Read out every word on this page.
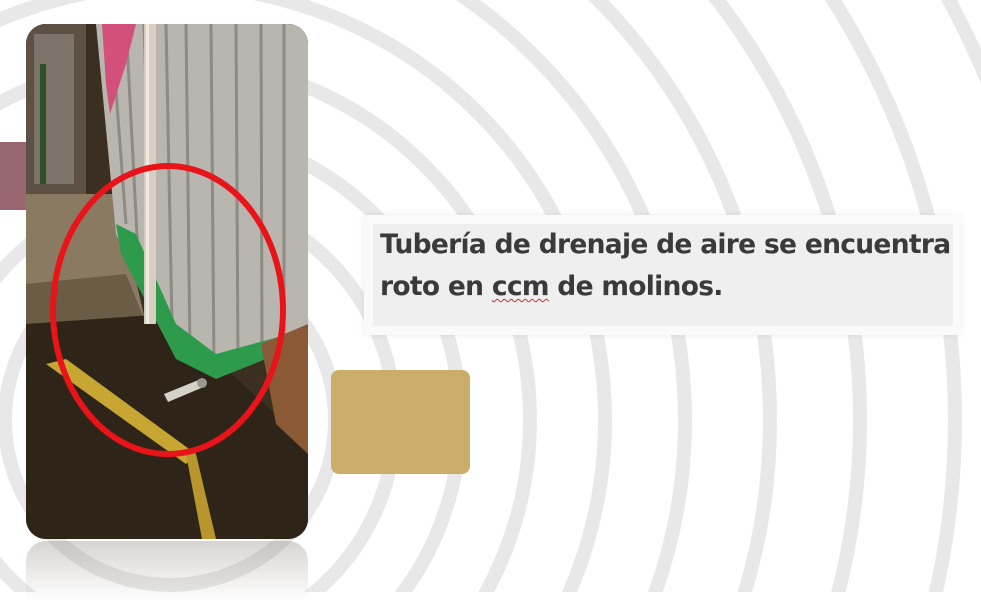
Tubería de drenaje de aire se encuentra
roto en ccm de molinos.
